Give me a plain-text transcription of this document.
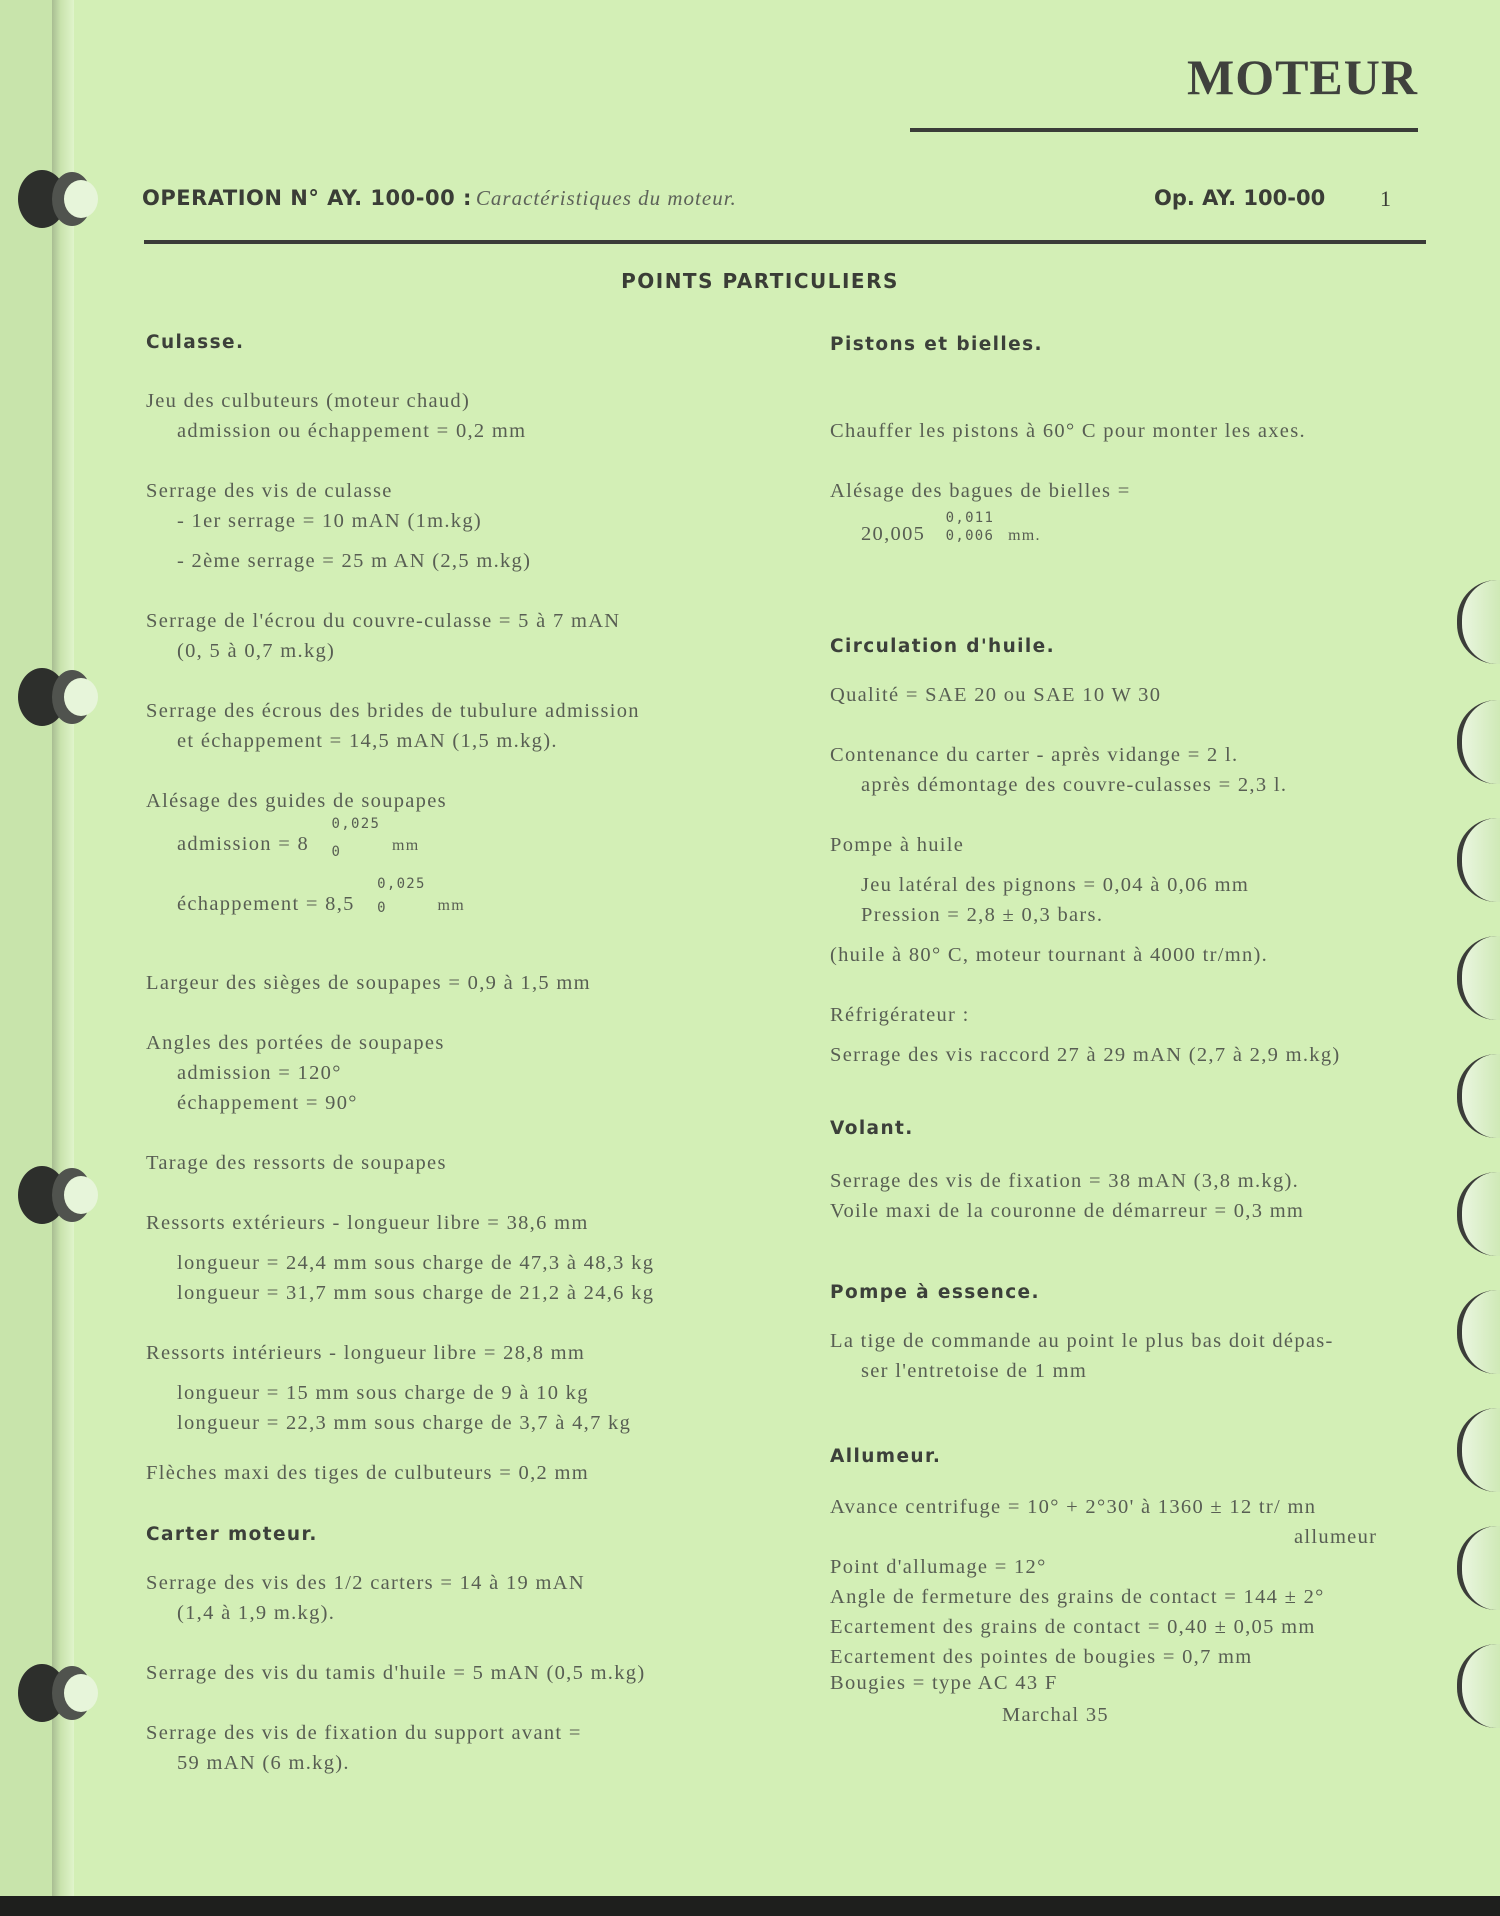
MOTEUR
OPERATION N° AY. 100-00 : Caractéristiques du moteur.	Op. AY. 100-00 1
POINTS PARTICULIERS
Culasse.
Jeu des culbuteurs (moteur chaud)
admission ou échappement = 0,2 mm
Serrage des vis de culasse
- 1er serrage = 10 mAN (1m.kg)
- 2ème serrage = 25 m AN (2,5 m.kg)
Serrage de l'écrou du couvre-culasse = 5 à 7 mAN
(0, 5 à 0,7 m.kg)
Serrage des écrous des brides de tubulure admission
et échappement = 14,5 mAN (1,5 m.kg).
Alésage des guides de soupapes
admission = 8
0,025
0	mm
échappement = 8,5
0,025
0	mm
Largeur des sièges de soupapes = 0,9 à 1,5 mm
Angles des portées de soupapes
admission = 120°
échappement = 90°
Tarage des ressorts de soupapes
Ressorts extérieurs - longueur libre = 38,6 mm
longueur = 24,4 mm sous charge de 47,3 à 48,3 kg
longueur = 31,7 mm sous charge de 21,2 à 24,6 kg
Ressorts intérieurs - longueur libre = 28,8 mm
longueur = 15 mm sous charge de 9 à 10 kg
longueur = 22,3 mm sous charge de 3,7 à 4,7 kg
Flèches maxi des tiges de culbuteurs = 0,2 mm
Carter moteur.
Serrage des vis des 1/2 carters = 14 à 19 mAN
(1,4 à 1,9 m.kg).
Serrage des vis du tamis d'huile = 5 mAN (0,5 m.kg)
Serrage des vis de fixation du support avant =
59 mAN (6 m.kg).
Pistons et bielles.
Chauffer les pistons à 60° C pour monter les axes.
Alésage des bagues de bielles =
20,005
0,011
0,006 mm.
Circulation d'huile.
Qualité = SAE 20 ou SAE 10 W 30
Contenance du carter - après vidange = 2 l.
après démontage des couvre-culasses = 2,3 l.
Pompe à huile
Jeu latéral des pignons = 0,04 à 0,06 mm
Pression = 2,8 ± 0,3 bars.
(huile à 80° C, moteur tournant à 4000 tr/mn).
Réfrigérateur :
Serrage des vis raccord 27 à 29 mAN (2,7 à 2,9 m.kg)
Volant.
Serrage des vis de fixation = 38 mAN (3,8 m.kg).
Voile maxi de la couronne de démarreur = 0,3 mm
Pompe à essence.
La tige de commande au point le plus bas doit dépas-
ser l'entretoise de 1 mm
Allumeur.
Avance centrifuge = 10° + 2°30' à 1360 ± 12 tr/ mn
allumeur
Point d'allumage = 12°
Angle de fermeture des grains de contact = 144 ± 2°
Ecartement des grains de contact = 0,40 ± 0,05 mm
Ecartement des pointes de bougies = 0,7 mm
Bougies = type AC 43 F
Marchal 35
